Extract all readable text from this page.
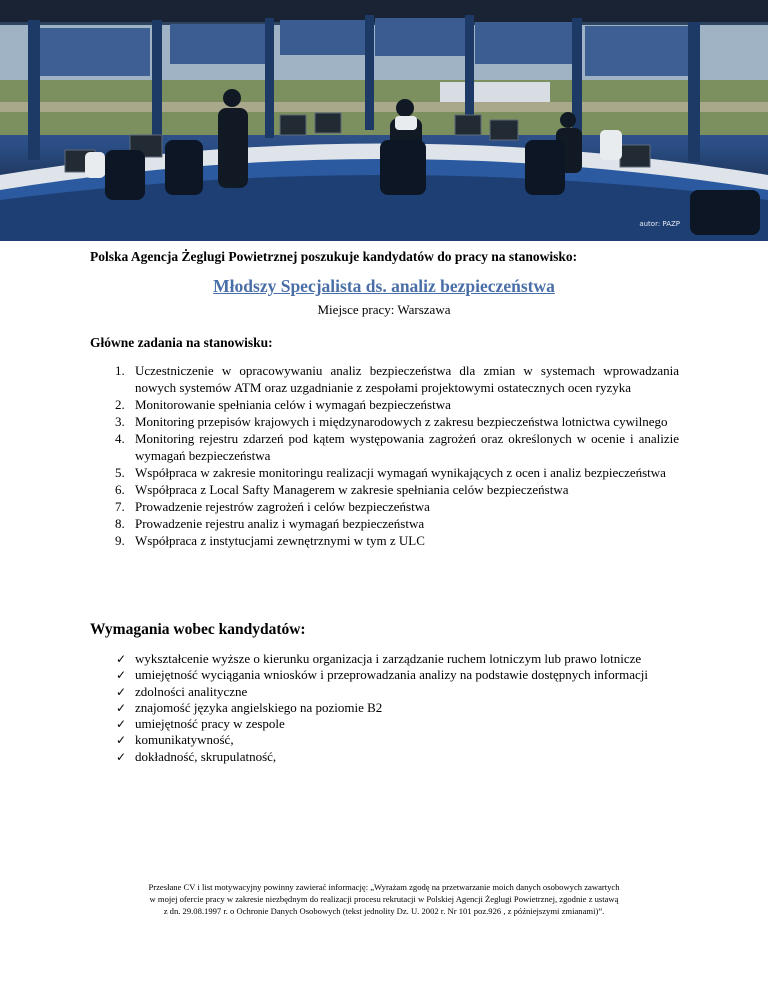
autor: PAZP
Polska Agencja Żeglugi Powietrznej poszukuje kandydatów do pracy na stanowisko:
Młodszy Specjalista ds. analiz bezpieczeństwa
Miejsce pracy: Warszawa
Główne zadania na stanowisku:
1. Uczestniczenie w opracowywaniu analiz bezpieczeństwa dla zmian w systemach wprowadzania nowych systemów ATM oraz uzgadnianie z zespołami projektowymi ostatecznych ocen ryzyka
2. Monitorowanie spełniania celów i wymagań bezpieczeństwa
3. Monitoring przepisów krajowych i międzynarodowych z zakresu bezpieczeństwa lotnictwa cywilnego
4. Monitoring rejestru zdarzeń pod kątem występowania zagrożeń oraz określonych w ocenie i analizie wymagań bezpieczeństwa
5. Współpraca w zakresie monitoringu realizacji wymagań wynikających z ocen i analiz bezpieczeństwa
6. Współpraca z Local Safty Managerem w zakresie spełniania celów bezpieczeństwa
7. Prowadzenie rejestrów zagrożeń i celów bezpieczeństwa
8. Prowadzenie rejestru analiz i wymagań bezpieczeństwa
9. Współpraca z instytucjami zewnętrznymi w tym z ULC
Wymagania wobec kandydatów:
✓ wykształcenie wyższe o kierunku organizacja i zarządzanie ruchem lotniczym lub prawo lotnicze
✓ umiejętność wyciągania wniosków i przeprowadzania analizy na podstawie dostępnych informacji
✓ zdolności analityczne
✓ znajomość języka angielskiego na poziomie B2
✓ umiejętność pracy w zespole
✓ komunikatywność,
✓ dokładność, skrupulatność,
Przesłane CV i list motywacyjny powinny zawierać informację: „Wyrażam zgodę na przetwarzanie moich danych osobowych zawartych
w mojej ofercie pracy w zakresie niezbędnym do realizacji procesu rekrutacji w Polskiej Agencji Żeglugi Powietrznej, zgodnie z ustawą
z dn. 29.08.1997 r. o Ochronie Danych Osobowych (tekst jednolity Dz. U. 2002 r. Nr 101 poz.926 , z późniejszymi zmianami)”.
